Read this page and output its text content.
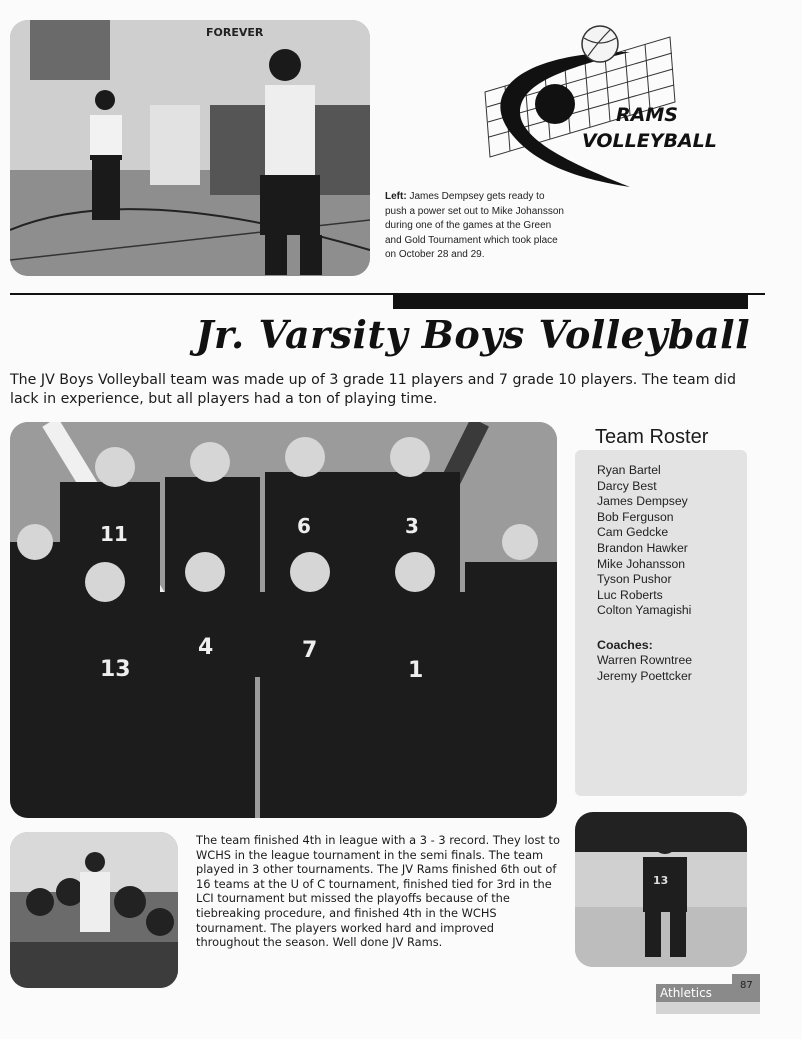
FOREVER
RAMS
VOLLEYBALL
Left: James Dempsey gets ready to push a power set out to Mike Johansson during one of the games at the Green and Gold Tournament which took place on October 28 and 29.
Jr. Varsity Boys Volleyball
The JV Boys Volleyball team was made up of 3 grade 11 players and 7 grade 10 players. The team did lack in experience, but all players had a ton of playing time.
11	6	3
13
4	7
1
Team Roster
Ryan Bartel
Darcy Best
James Dempsey
Bob Ferguson
Cam Gedcke
Brandon Hawker
Mike Johansson
Tyson Pushor
Luc Roberts
Colton Yamagishi
Coaches:
Warren Rowntree
Jeremy Poettcker
The team finished 4th in league with a 3 - 3 record. They lost to WCHS in the league tournament in the semi finals. The team played in 3 other tournaments. The JV Rams finished 6th out of 16 teams at the U of C tournament, finished tied for 3rd in the LCI tournament but missed the playoffs because of the tiebreaking procedure, and finished 4th in the WCHS tournament. The players worked hard and improved throughout the season. Well done JV Rams.
13
Athletics
87
